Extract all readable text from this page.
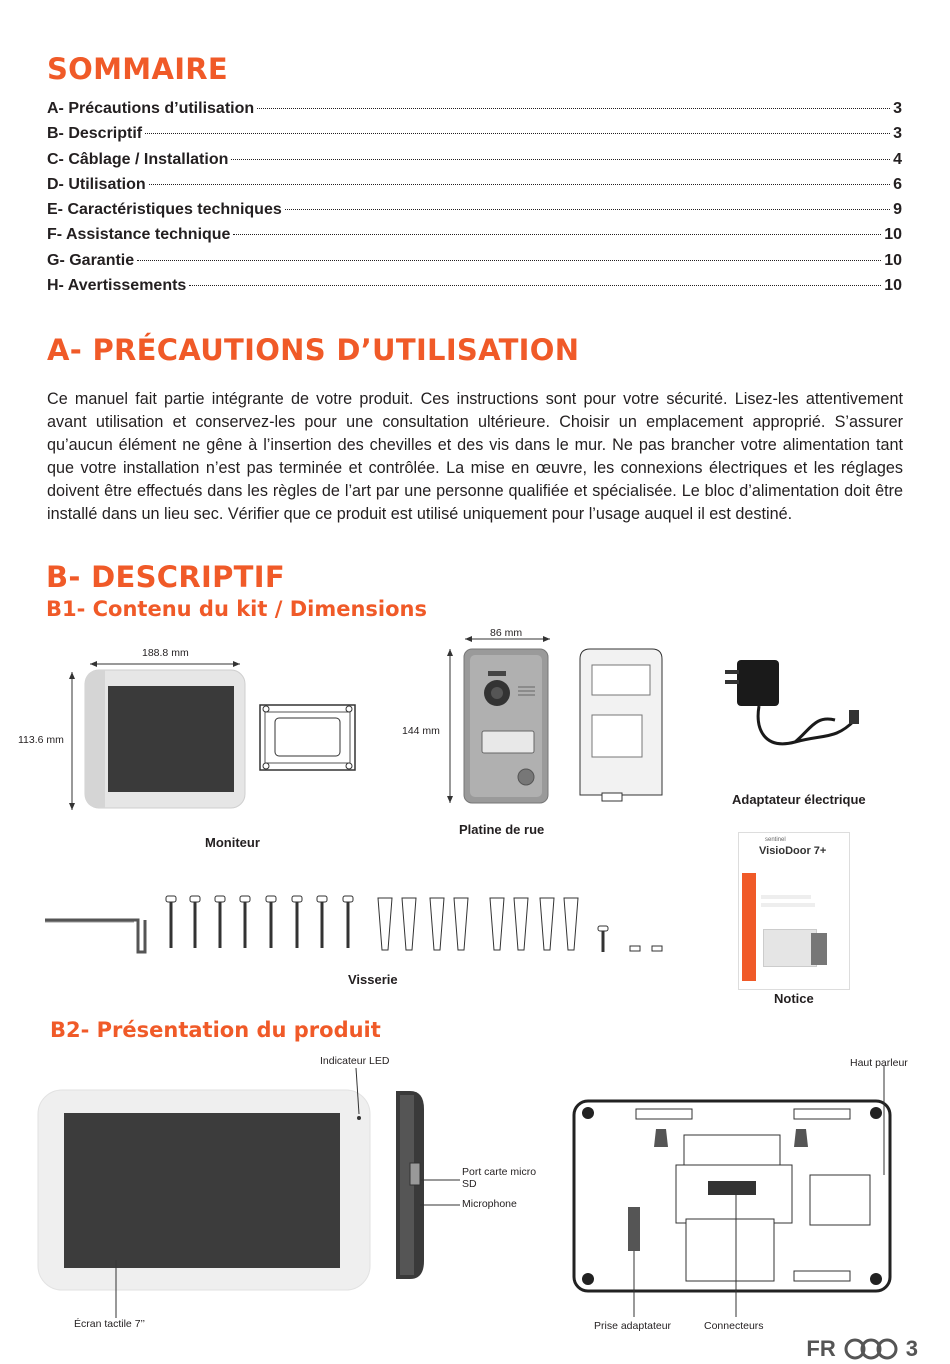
SOMMAIRE
A- Précautions d’utilisation	3
B- Descriptif	3
C- Câblage / Installation	4
D- Utilisation	6
E- Caractéristiques techniques	9
F- Assistance technique	10
G- Garantie	10
H- Avertissements	10
A- PRÉCAUTIONS D’UTILISATION

Ce manuel fait partie intégrante de votre produit. Ces instructions sont pour votre sécurité. Lisez-les attentivement avant utilisation et conservez-les pour une consultation ultérieure. Choisir un emplacement approprié. S’assurer qu’aucun élément ne gêne à l’insertion des chevilles et des vis dans le mur. Ne pas brancher votre alimentation tant que votre installation n’est pas terminée et contrôlée. La mise en œuvre, les connexions électriques et les réglages doivent être effectués dans les règles de l’art par une personne qualifiée et spécialisée. Le bloc d’alimentation doit être installé dans un lieu sec. Vérifier que ce produit est utilisé uniquement pour l’usage auquel il est destiné.

B- DESCRIPTIF
B1- Contenu du kit / Dimensions
188.8 mm
113.6 mm
Moniteur
86 mm
144 mm
Platine de rue
Adaptateur électrique
sentinel
VisioDoor 7+
Notice
Visserie
B2- Présentation du produit
Indicateur LED
Écran tactile 7’’
Port carte micro SD
Microphone
Haut parleur
Prise adaptateur	Connecteurs
FR	3
